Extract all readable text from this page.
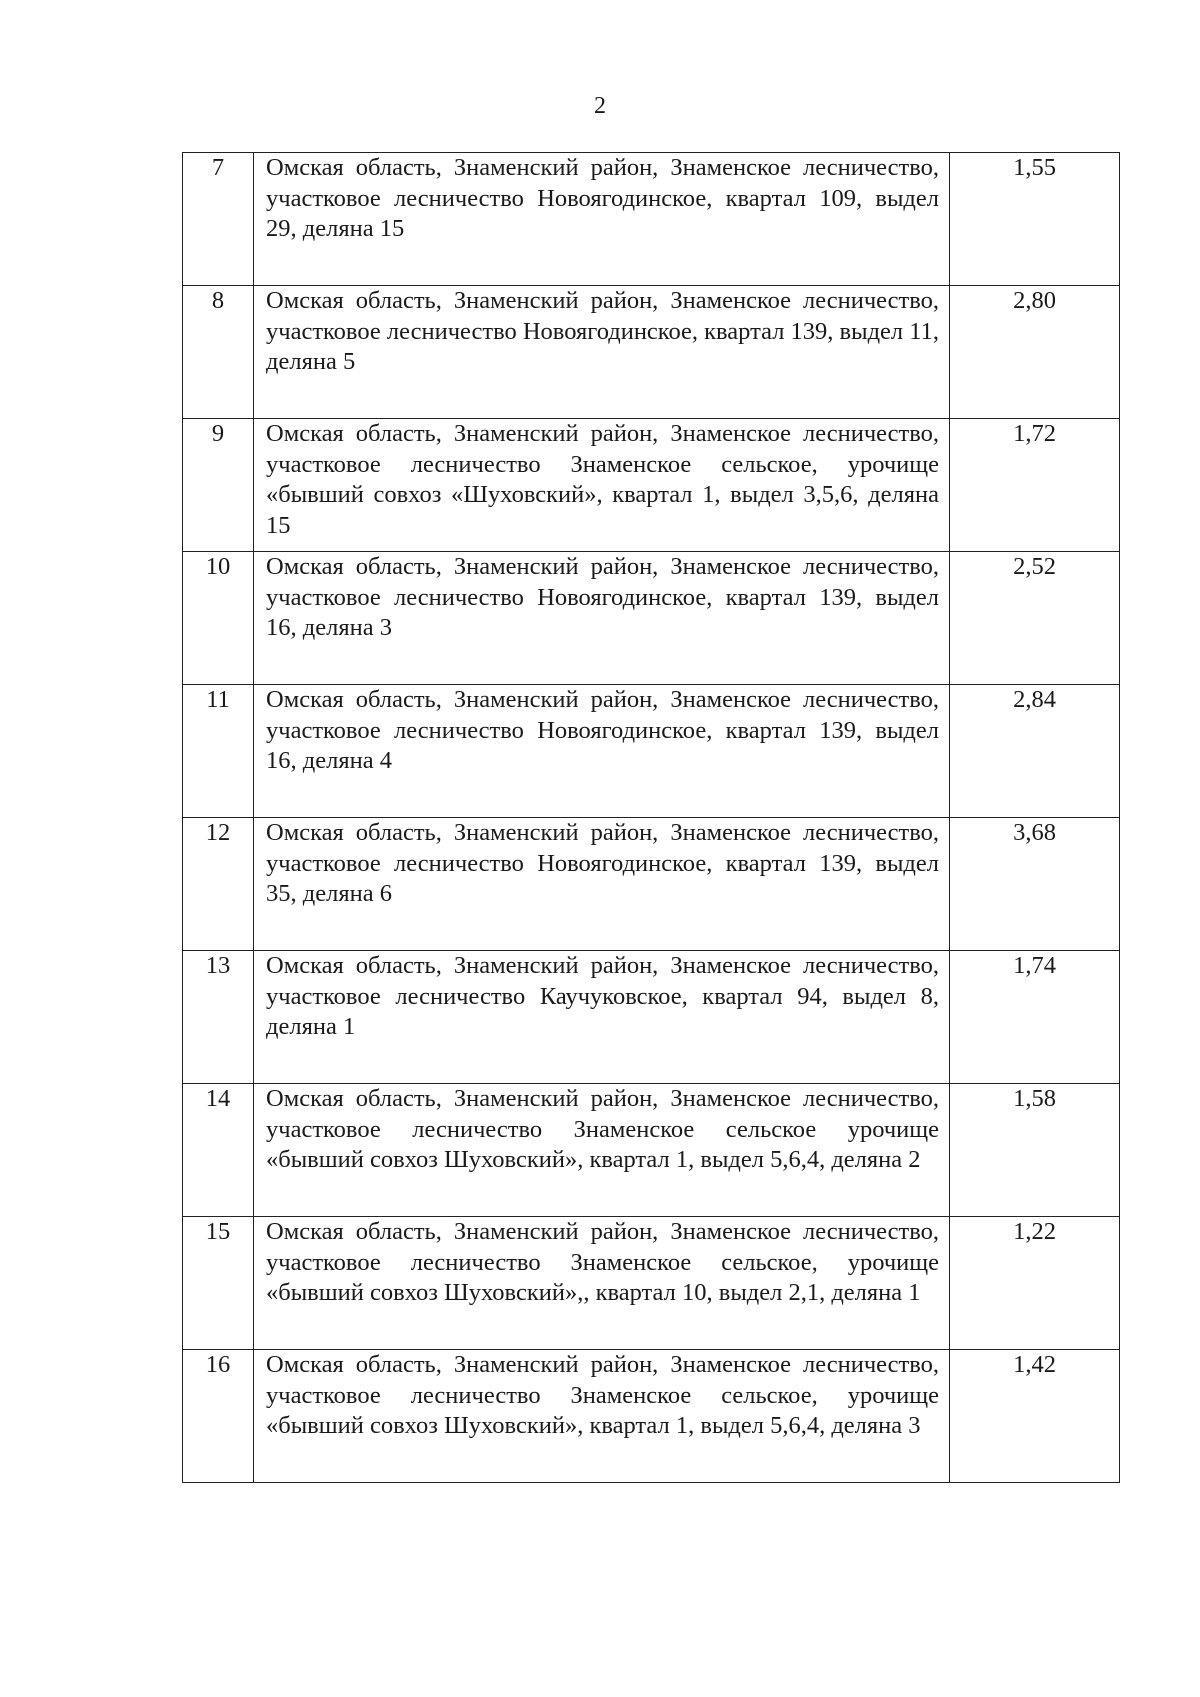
2
7	Омская область, Знаменский район, Знаменское лесничество, участковое лесничество Новоягодинское, квартал 109, выдел 29, деляна 15	1,55
8	Омская область, Знаменский район, Знаменское лесничество, участковое лесничество Новоягодинское, квартал 139, выдел 11, деляна 5	2,80
9	Омская область, Знаменский район, Знаменское лесничество, участковое лесничество Знаменское сельское, урочище «бывший совхоз «Шуховский», квартал 1, выдел 3,5,6, деляна 15	1,72
10	Омская область, Знаменский район, Знаменское лесничество, участковое лесничество Новоягодинское, квартал 139, выдел 16, деляна 3	2,52
11	Омская область, Знаменский район, Знаменское лесничество, участковое лесничество Новоягодинское, квартал 139, выдел 16, деляна 4	2,84
12	Омская область, Знаменский район, Знаменское лесничество, участковое лесничество Новоягодинское, квартал 139, выдел 35, деляна 6	3,68
13	Омская область, Знаменский район, Знаменское лесничество, участковое лесничество Каучуковское, квартал 94, выдел 8, деляна 1	1,74
14	Омская область, Знаменский район, Знаменское лесничество, участковое лесничество Знаменское сельское урочище «бывший совхоз Шуховский», квартал 1, выдел 5,6,4, деляна 2	1,58
15	Омская область, Знаменский район, Знаменское лесничество, участковое лесничество Знаменское сельское, урочище «бывший совхоз Шуховский»,, квартал 10, выдел 2,1, деляна 1	1,22
16	Омская область, Знаменский район, Знаменское лесничество, участковое лесничество Знаменское сельское, урочище «бывший совхоз Шуховский», квартал 1, выдел 5,6,4, деляна 3	1,42
